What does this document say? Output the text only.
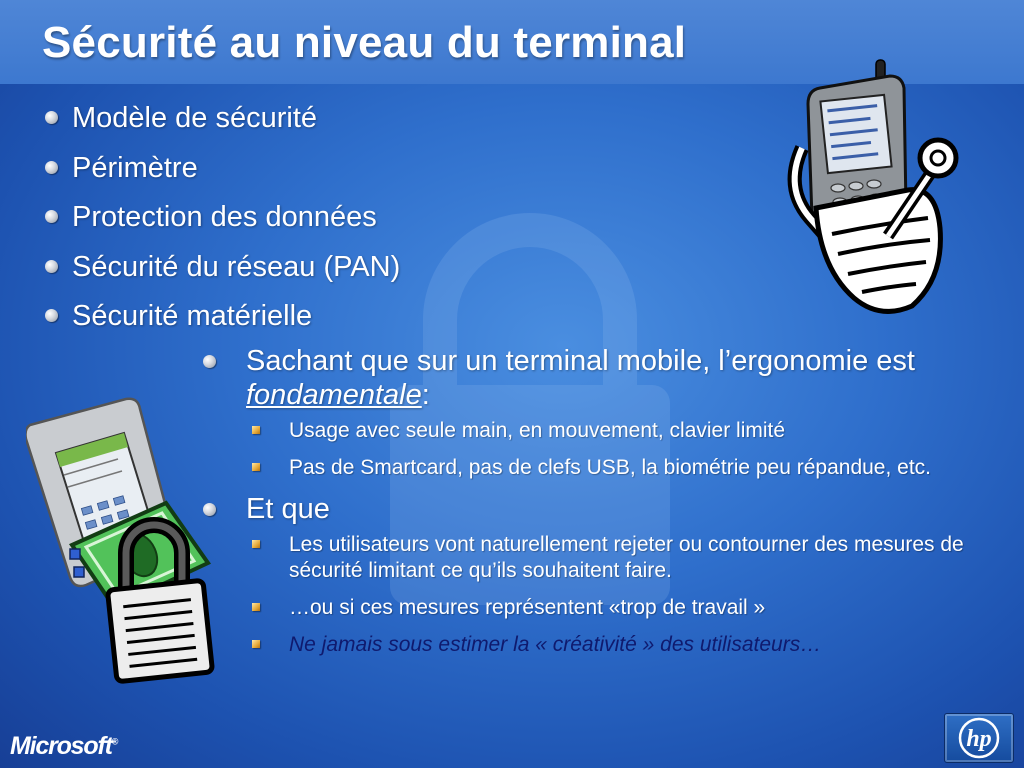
Sécurité au niveau du terminal
Modèle de sécurité
Périmètre
Protection des données
Sécurité du réseau (PAN)
Sécurité matérielle
Sachant que sur un terminal mobile, l’ergonomie est fondamentale:
Usage avec seule main, en mouvement, clavier limité
Pas de Smartcard, pas de clefs USB, la biométrie peu répandue, etc.
Et que
Les utilisateurs vont naturellement rejeter ou contourner des mesures de sécurité limitant ce qu’ils souhaitent faire.
…ou si ces mesures représentent «trop de travail »
Ne jamais sous estimer la « créativité » des utilisateurs…
Microsoft®	hp
